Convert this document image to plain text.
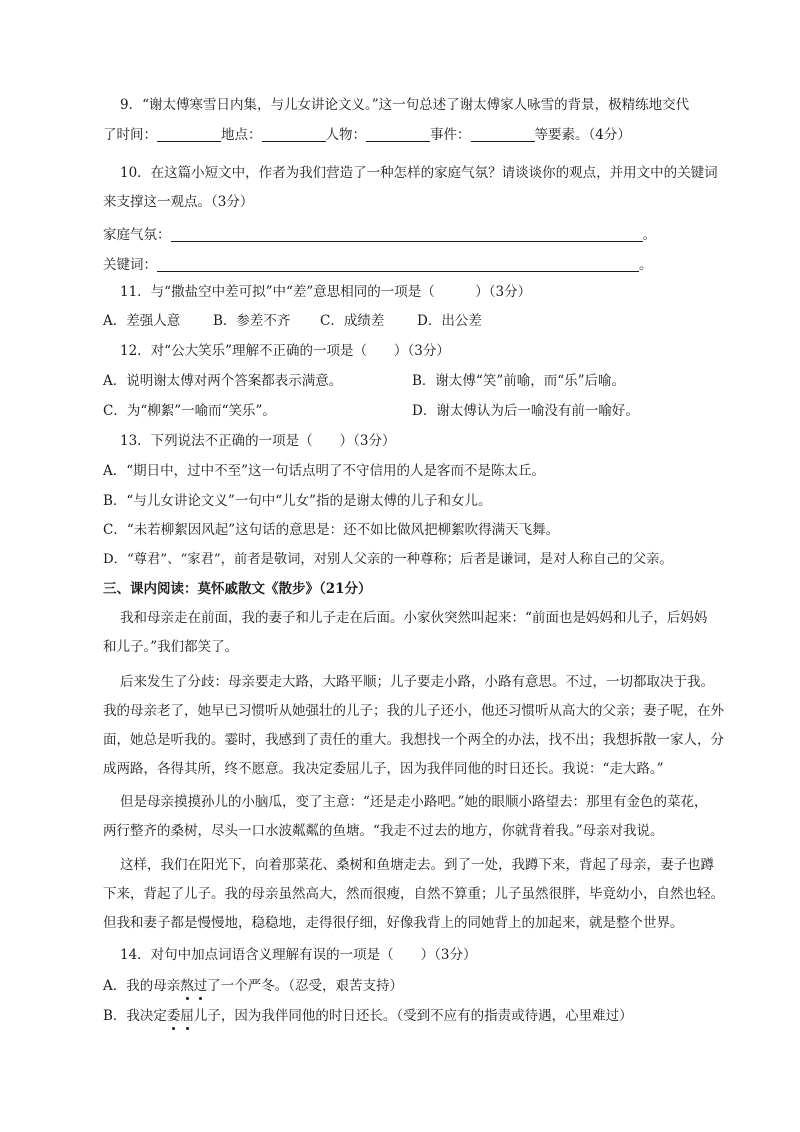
9．“谢太傅寒雪日内集，与儿女讲论文义。”这一句总述了谢太傅家人咏雪的背景，极精练地交代
了时间：	地点：	人物：	事件：	等要素。（4分）
10．在这篇小短文中，作者为我们营造了一种怎样的家庭气氛？请谈谈你的观点，并用文中的关键词
来支撑这一观点。（3分）
家庭气氛：	。
关键词：	。
11．与“撒盐空中差可拟”中“差”意思相同的一项是（　　　）（3分）
A．差强人意 B．参差不齐 C．成绩差 D．出公差
12．对“公大笑乐”理解不正确的一项是（　　）（3分）
A．说明谢太傅对两个答案都表示满意。	B．谢太傅“笑”前喻，而“乐”后喻。
C．为“柳絮”一喻而“笑乐”。	D．谢太傅认为后一喻没有前一喻好。
13．下列说法不正确的一项是（　　）（3分）
A．“期日中，过中不至”这一句话点明了不守信用的人是客而不是陈太丘。
B．“与儿女讲论文义”一句中“儿女”指的是谢太傅的儿子和女儿。
C．“未若柳絮因风起”这句话的意思是：还不如比做风把柳絮吹得满天飞舞。
D．“尊君”、“家君”，前者是敬词，对别人父亲的一种尊称；后者是谦词，是对人称自己的父亲。
三、课内阅读：莫怀戚散文《散步》（21分）
我和母亲走在前面，我的妻子和儿子走在后面。小家伙突然叫起来：“前面也是妈妈和儿子，后妈妈
和儿子。”我们都笑了。
后来发生了分歧：母亲要走大路，大路平顺；儿子要走小路，小路有意思。不过，一切都取决于我。
我的母亲老了，她早已习惯听从她强壮的儿子；我的儿子还小，他还习惯听从高大的父亲；妻子呢，在外
面，她总是听我的。霎时，我感到了责任的重大。我想找一个两全的办法，找不出；我想拆散一家人，分
成两路，各得其所，终不愿意。我决定委屈儿子，因为我伴同他的时日还长。我说：“走大路。”
但是母亲摸摸孙儿的小脑瓜，变了主意：“还是走小路吧。”她的眼顺小路望去：那里有金色的菜花，
两行整齐的桑树，尽头一口水波粼粼的鱼塘。“我走不过去的地方，你就背着我。”母亲对我说。
这样，我们在阳光下，向着那菜花、桑树和鱼塘走去。到了一处，我蹲下来，背起了母亲，妻子也蹲
下来，背起了儿子。我的母亲虽然高大，然而很瘦，自然不算重；儿子虽然很胖，毕竟幼小，自然也轻。
但我和妻子都是慢慢地，稳稳地，走得很仔细，好像我背上的同她背上的加起来，就是整个世界。
14．对句中加点词语含义理解有误的一项是（　　）（3分）
A．我的母亲熬过了一个严冬。（忍受，艰苦支持）
B．我决定委屈儿子，因为我伴同他的时日还长。（受到不应有的指责或待遇，心里难过）
